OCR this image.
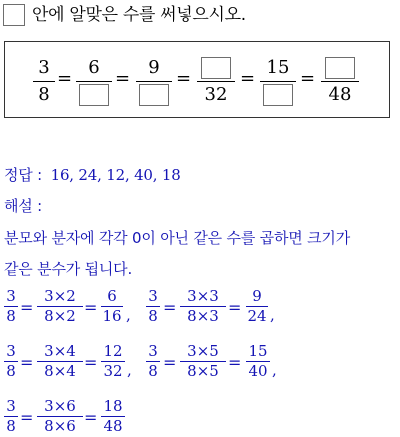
안에 알맞은 수를 써넣으시오.
3
8
=
6
=
9
=
32
=
15
=
48
정답 : 16, 24, 12, 40, 18
해설 :
분모와 분자에 각각 0이 아닌 같은 수를 곱하면 크기가
같은 분수가 됩니다.
3
8 =
3×2
8×2 =
6
16 ,
3
8 =
3×3
8×3 =
9
24 ,
3
8 =
3×4
8×4 =
12
32 ,
3
8 =
3×5
8×5 =
15
40 ,
3
8 =
3×6
8×6 =
18
48
